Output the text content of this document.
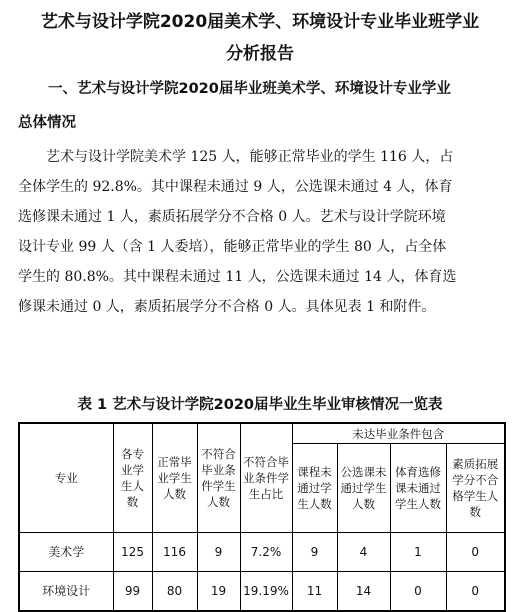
艺术与设计学院2020届美术学、环境设计专业毕业班学业
分析报告
一、艺术与设计学院2020届毕业班美术学、环境设计专业学业
总体情况
艺术与设计学院美术学 125 人，能够正常毕业的学生 116 人，占
全体学生的 92.8%。其中课程未通过 9 人，公选课未通过 4 人，体育
选修课未通过 1 人，素质拓展学分不合格 0 人。艺术与设计学院环境
设计专业 99 人（含 1 人委培），能够正常毕业的学生 80 人，占全体
学生的 80.8%。其中课程未通过 11 人，公选课未通过 14 人，体育选
修课未通过 0 人，素质拓展学分不合格 0 人。具体见表 1 和附件。
表 1 艺术与设计学院2020届毕业生毕业审核情况一览表
专业	各专业学生人数	正常毕业学生人数	不符合毕业条件学生人数	不符合毕业条件学生占比	未达毕业条件包含			
					课程未通过学生人数	公选课未通过学生人数	体育选修课未通过学生人数	素质拓展学分不合格学生人数
美术学	125	116	9	7.2%	9	4	1	0
环境设计	99	80	19	19.19%	11	14	0	0
